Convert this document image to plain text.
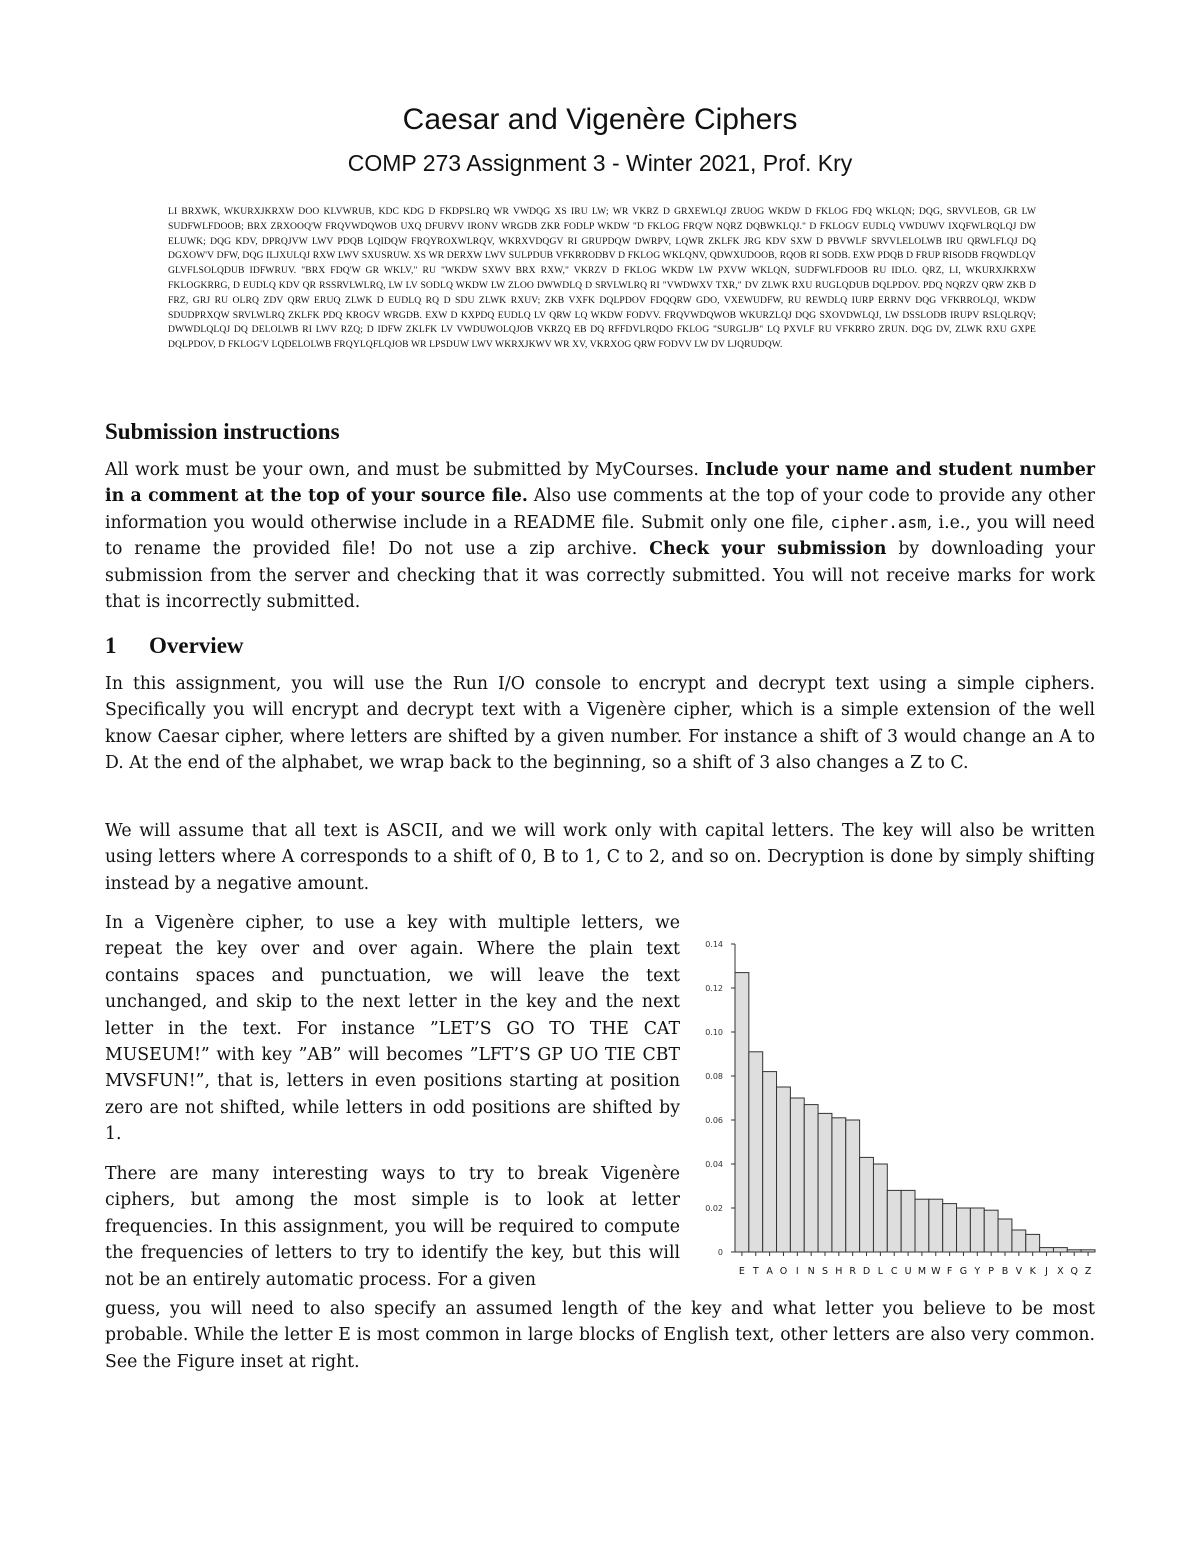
Caesar and Vigenère Ciphers
COMP 273 Assignment 3 - Winter 2021, Prof. Kry

LI BRXWK, WKURXJKRXW DOO KLVWRUB, KDC KDG D FKDPSLRQ WR VWDQG XS IRU LW; WR VKRZ D GRXEWLQJ ZRUOG WKDW D FKLOG FDQ WKLQN; DQG, SRVVLEOB, GR LW SUDFWLFDOOB; BRX ZRXOOQ'W FRQVWDQWOB UXQ DFURVV IRONV WRGDB ZKR FODLP WKDW "D FKLOG FRQ'W NQRZ DQBWKLQJ." D FKLOGV EUDLQ VWDUWV IXQFWLRQLQJ DW ELUWK; DQG KDV, DPRQJVW LWV PDQB LQIDQW FRQYROXWLRQV, WKRXVDQGV RI GRUPDQW DWRPV, LQWR ZKLFK JRG KDV SXW D PBVWLF SRVVLELOLWB IRU QRWLFLQJ DQ DGXOW'V DFW, DQG ILJXULQJ RXW LWV SXUSRUW. XS WR DERXW LWV SULPDUB VFKRRODBV D FKLOG WKLQNV, QDWXUDOOB, RQOB RI SODB. EXW PDQB D FRUP RISODB FRQWDLQV GLVFLSOLQDUB IDFWRUV. "BRX FDQ'W GR WKLV," RU "WKDW SXWV BRX RXW," VKRZV D FKLOG WKDW LW PXVW WKLQN, SUDFWLFDOOB RU IDLO. QRZ, LI, WKURXJKRXW FKLOGKRRG, D EUDLQ KDV QR RSSRVLWLRQ, LW LV SODLQ WKDW LW ZLOO DWWDLQ D SRVLWLRQ RI "VWDWXV TXR," DV ZLWK RXU RUGLQDUB DQLPDOV. PDQ NQRZV QRW ZKB D FRZ, GRJ RU OLRQ ZDV QRW ERUQ ZLWK D EUDLQ RQ D SDU ZLWK RXUV; ZKB VXFK DQLPDOV FDQQRW GDO, VXEWUDFW, RU REWDLQ IURP ERRNV DQG VFKRROLQJ, WKDW SDUDPRXQW SRVLWLRQ ZKLFK PDQ KROGV WRGDB. EXW D KXPDQ EUDLQ LV QRW LQ WKDW FODVV. FRQVWDQWOB WKURZLQJ DQG SXOVDWLQJ, LW DSSLODB IRUPV RSLQLRQV; DWWDLQLQJ DQ DELOLWB RI LWV RZQ; D IDFW ZKLFK LV VWDUWOLQJOB VKRZQ EB DQ RFFDVLRQDO FKLOG "SURGLJB" LQ PXVLF RU VFKRRO ZRUN. DQG DV, ZLWK RXU GXPE DQLPDOV, D FKLOG'V LQDELOLWB FRQYLQFLQJOB WR LPSDUW LWV WKRXJKWV WR XV, VKRXOG QRW FODVV LW DV LJQRUDQW.

Submission instructions

All work must be your own, and must be submitted by MyCourses. Include your name and student number in a comment at the top of your source file. Also use comments at the top of your code to provide any other information you would otherwise include in a README file. Submit only one file, cipher.asm, i.e., you will need to rename the provided file! Do not use a zip archive. Check your submission by downloading your submission from the server and checking that it was correctly submitted. You will not receive marks for work that is incorrectly submitted.

1 Overview

In this assignment, you will use the Run I/O console to encrypt and decrypt text using a simple ciphers. Specifically you will encrypt and decrypt text with a Vigenère cipher, which is a simple extension of the well know Caesar cipher, where letters are shifted by a given number. For instance a shift of 3 would change an A to D. At the end of the alphabet, we wrap back to the beginning, so a shift of 3 also changes a Z to C.

We will assume that all text is ASCII, and we will work only with capital letters. The key will also be written using letters where A corresponds to a shift of 0, B to 1, C to 2, and so on. Decryption is done by simply shifting instead by a negative amount.

In a Vigenère cipher, to use a key with multiple letters, we repeat the key over and over again. Where the plain text contains spaces and punctuation, we will leave the text unchanged, and skip to the next letter in the key and the next letter in the text. For instance ”LET’S GO TO THE CAT MUSEUM!” with key ”AB” will becomes ”LFT’S GP UO TIE CBT MVSFUN!”, that is, letters in even positions starting at position zero are not shifted, while letters in odd positions are shifted by 1.

There are many interesting ways to try to break Vigenère ciphers, but among the most simple is to look at letter frequencies. In this assignment, you will be required to compute the frequencies of letters to try to identify the key, but this will not be an entirely automatic process. For a given

guess, you will need to also specify an assumed length of the key and what letter you believe to be most probable. While the letter E is most common in large blocks of English text, other letters are also very common. See the Figure inset at right.

0
0.02
0.04
0.06
0.08
0.10
0.12
0.14
E T A O I N S H R D L C U M W F G Y P B V K J X Q Z
